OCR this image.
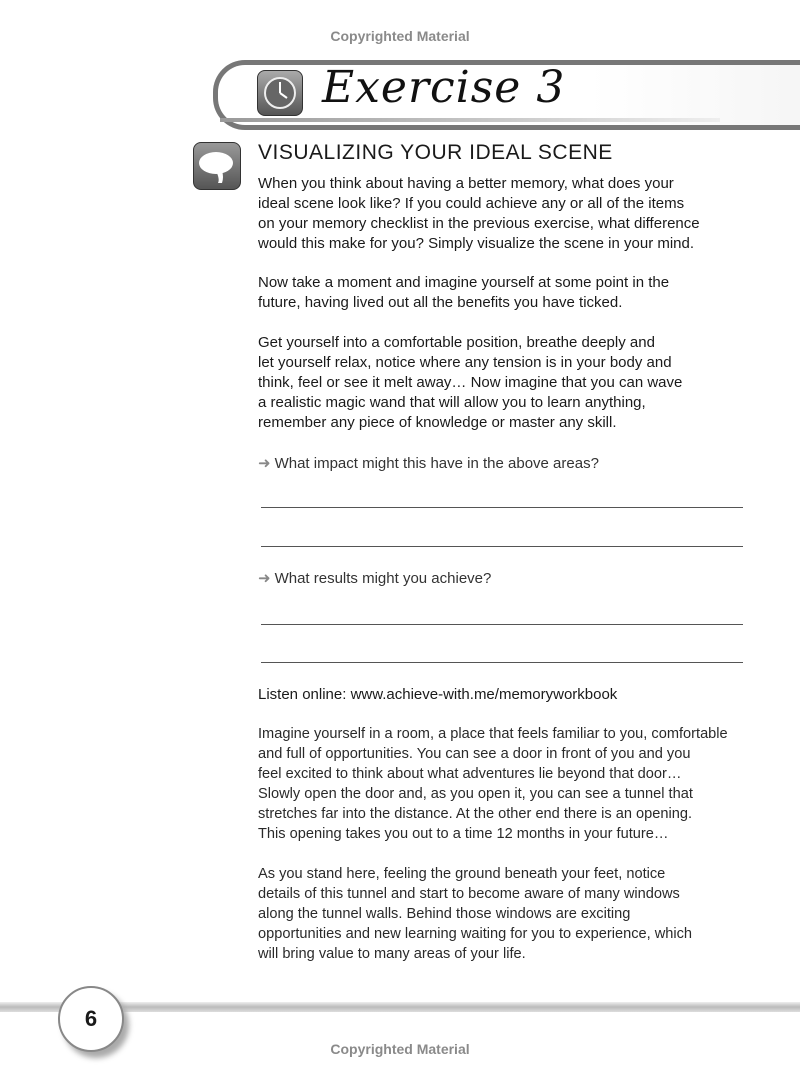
Copyrighted Material
Exercise 3
VISUALIZING YOUR IDEAL SCENE
When you think about having a better memory, what does your
ideal scene look like? If you could achieve any or all of the items
on your memory checklist in the previous exercise, what difference
would this make for you? Simply visualize the scene in your mind.
Now take a moment and imagine yourself at some point in the
future, having lived out all the benefits you have ticked.
Get yourself into a comfortable position, breathe deeply and
let yourself relax, notice where any tension is in your body and
think, feel or see it melt away… Now imagine that you can wave
a realistic magic wand that will allow you to learn anything,
remember any piece of knowledge or master any skill.
➜ What impact might this have in the above areas?
➜ What results might you achieve?
Listen online: www.achieve-with.me/memoryworkbook
Imagine yourself in a room, a place that feels familiar to you, comfortable
and full of opportunities. You can see a door in front of you and you
feel excited to think about what adventures lie beyond that door…
Slowly open the door and, as you open it, you can see a tunnel that
stretches far into the distance. At the other end there is an opening.
This opening takes you out to a time 12 months in your future…
As you stand here, feeling the ground beneath your feet, notice
details of this tunnel and start to become aware of many windows
along the tunnel walls. Behind those windows are exciting
opportunities and new learning waiting for you to experience, which
will bring value to many areas of your life.
6
Copyrighted Material
